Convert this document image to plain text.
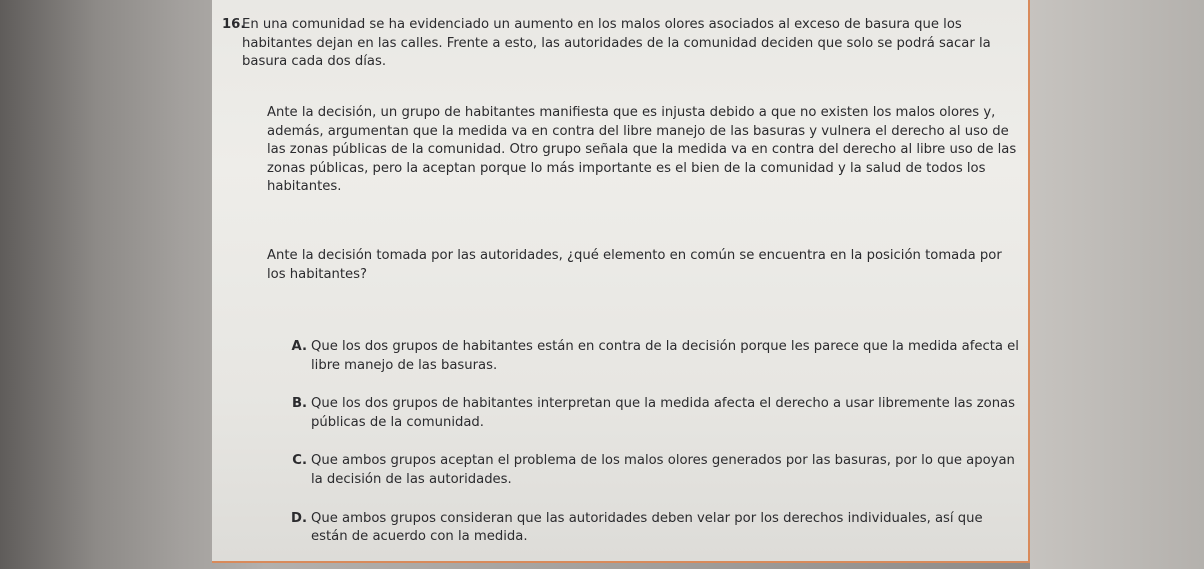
16.

En una comunidad se ha evidenciado un aumento en los malos olores asociados al exceso de basura que los habitantes dejan en las calles. Frente a esto, las autoridades de la comunidad deciden que solo se podrá sacar la basura cada dos días.

Ante la decisión, un grupo de habitantes manifiesta que es injusta debido a que no existen los malos olores y, además, argumentan que la medida va en contra del libre manejo de las basuras y vulnera el derecho al uso de las zonas públicas de la comunidad. Otro grupo señala que la medida va en contra del derecho al libre uso de las zonas públicas, pero la aceptan porque lo más importante es el bien de la comunidad y la salud de todos los habitantes.

Ante la decisión tomada por las autoridades, ¿qué elemento en común se encuentra en la posición tomada por los habitantes?

A. Que los dos grupos de habitantes están en contra de la decisión porque les parece que la medida afecta el libre manejo de las basuras.
B. Que los dos grupos de habitantes interpretan que la medida afecta el derecho a usar libremente las zonas públicas de la comunidad.
C. Que ambos grupos aceptan el problema de los malos olores generados por las basuras, por lo que apoyan la decisión de las autoridades.
D. Que ambos grupos consideran que las autoridades deben velar por los derechos individuales, así que están de acuerdo con la medida.
